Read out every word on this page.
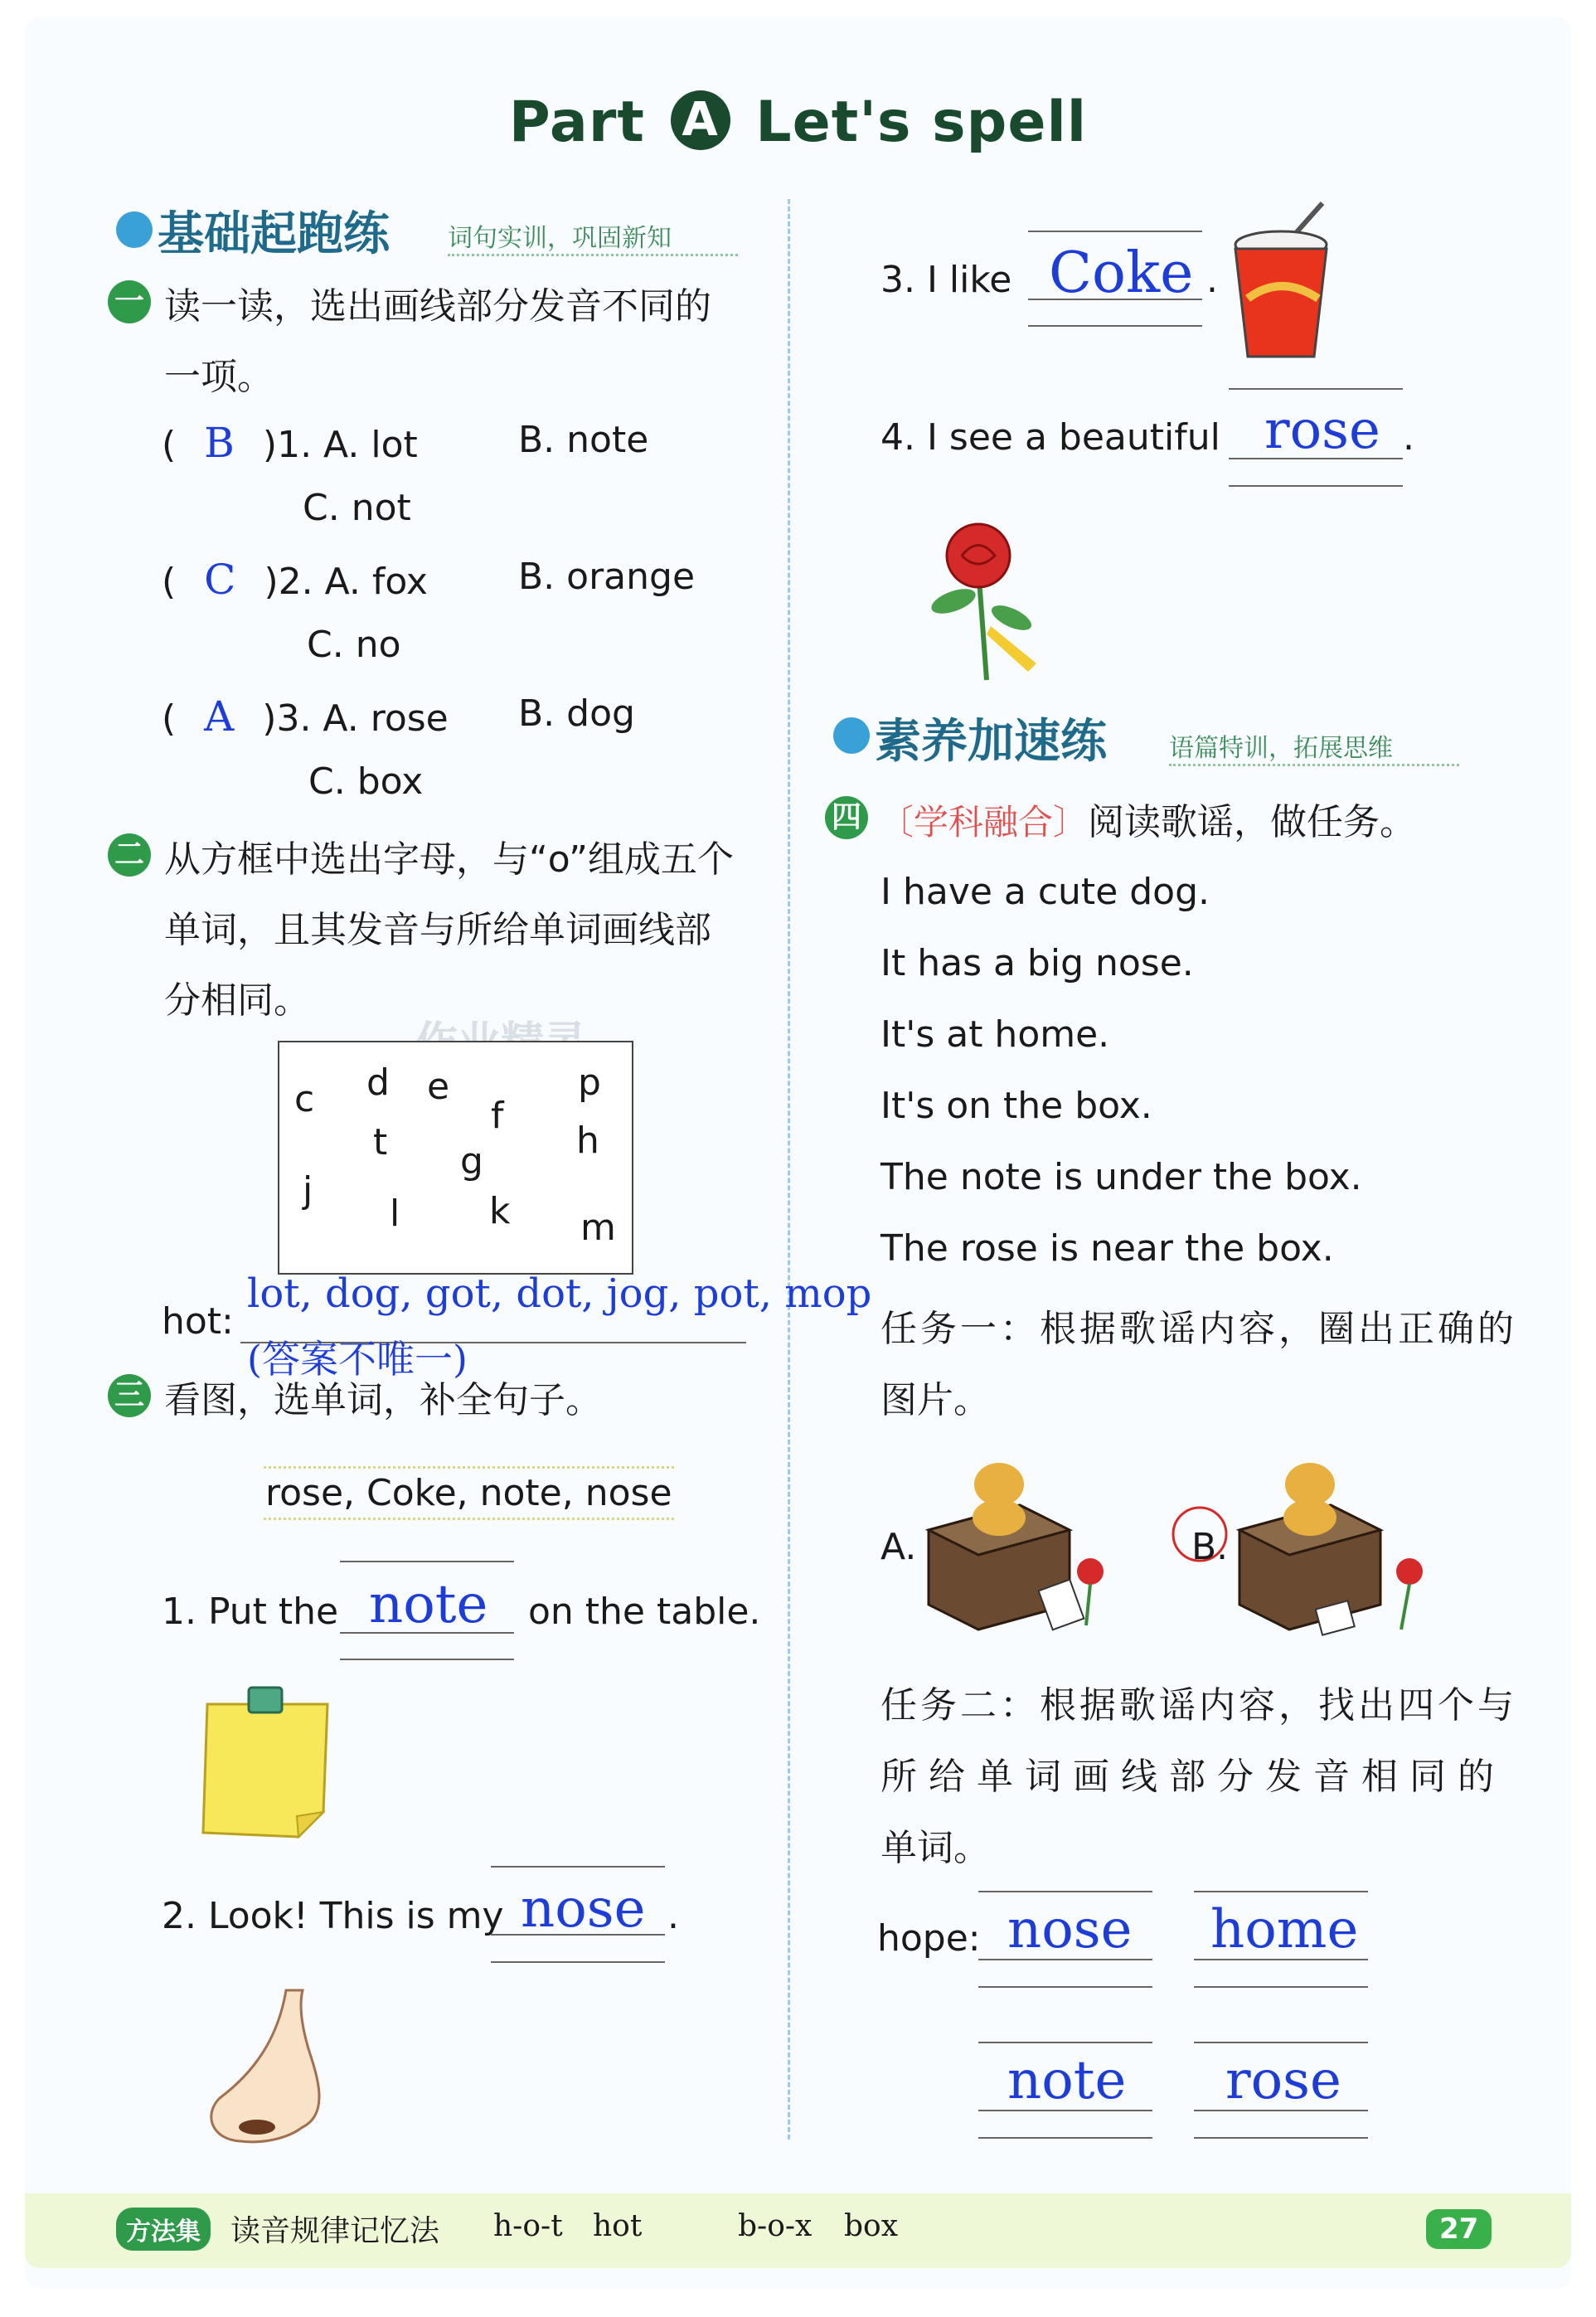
Part A Let's spell
基础起跑练 词句实训，巩固新知
一 读一读，选出画线部分发音不同的
一项。
( B )1. A. lot	B. note
C. not
( C )2. A. fox B. orange
C. no
( A )3. A. rose B. dog
C. box
二 从方框中选出字母，与“o”组成五个
单词，且其发音与所给单词画线部
分相同。
c d e
f
p
t g	h
j
l k m
hot:
lot, dog, got, dot, jog, pot, mop
(答案不唯一)
三 看图，选单词，补全句子。
rose, Coke, note, nose
1. Put the note on the table.
2. Look! This is my nose .
3. I like Coke .
4. I see a beautiful rose .
素养加速练	语篇特训，拓展思维
四 〔学科融合〕阅读歌谣，做任务。
I have a cute dog.
It has a big nose.
It's at home.
It's on the box.
The note is under the box.
The rose is near the box.
任务一：根据歌谣内容，圈出正确的
图片。
A.	B.
任务二：根据歌谣内容，找出四个与
所给单词画线部分发音相同的
单词。
hope: nose home
note rose
方法集	读音规律记忆法 h-o-t hot	b-o-x box	27
